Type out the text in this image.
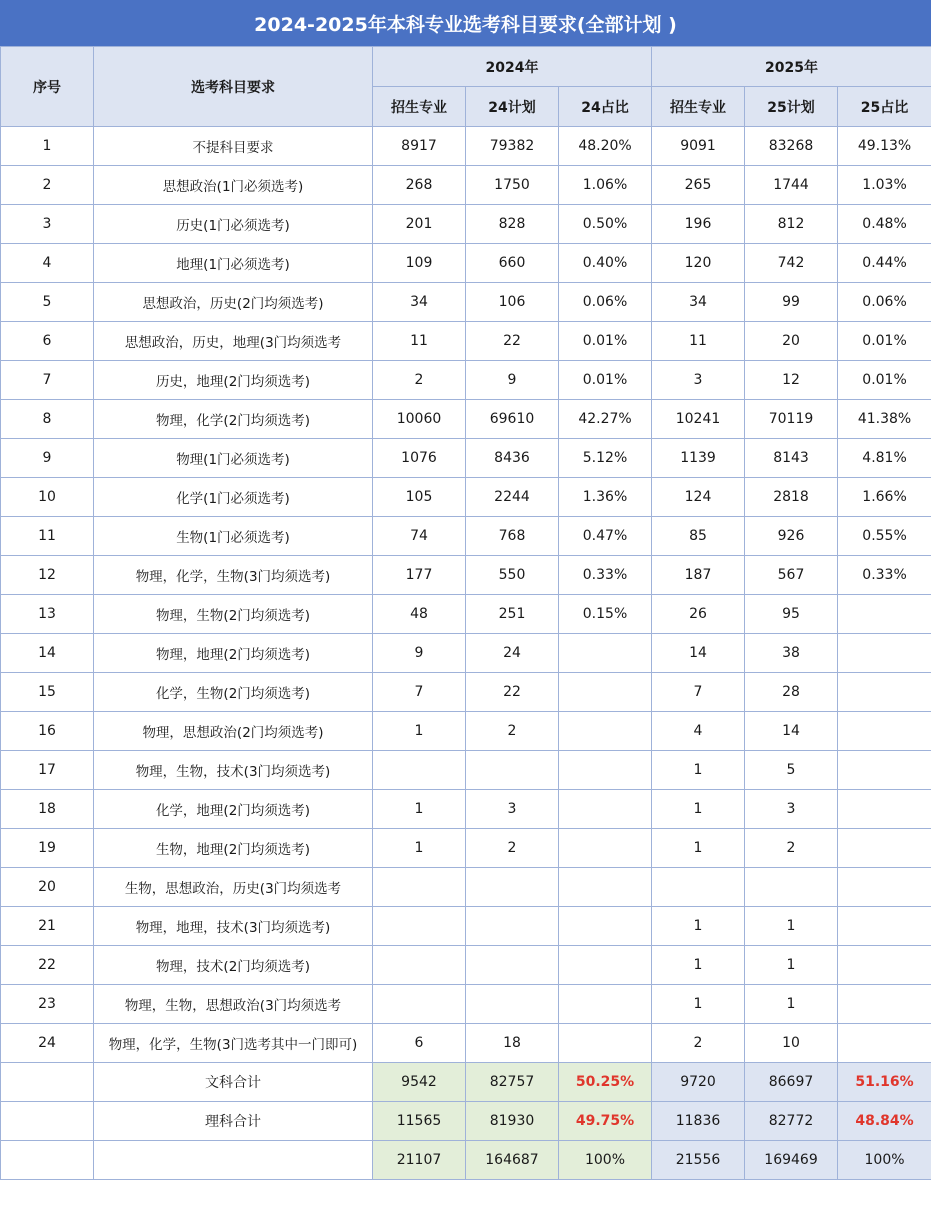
2024-2025年本科专业选考科目要求(全部计划 )
序号	选考科目要求	2024年			2025年		
		招生专业	24计划	24占比	招生专业	25计划	25占比
1	不提科目要求	8917	79382	48.20%	9091	83268	49.13%
2	思想政治(1门必须选考)	268	1750	1.06%	265	1744	1.03%
3	历史(1门必须选考)	201	828	0.50%	196	812	0.48%
4	地理(1门必须选考)	109	660	0.40%	120	742	0.44%
5	思想政治，历史(2门均须选考)	34	106	0.06%	34	99	0.06%
6	思想政治，历史，地理(3门均须选考	11	22	0.01%	11	20	0.01%
7	历史，地理(2门均须选考)	2	9	0.01%	3	12	0.01%
8	物理，化学(2门均须选考)	10060	69610	42.27%	10241	70119	41.38%
9	物理(1门必须选考)	1076	8436	5.12%	1139	8143	4.81%
10	化学(1门必须选考)	105	2244	1.36%	124	2818	1.66%
11	生物(1门必须选考)	74	768	0.47%	85	926	0.55%
12	物理，化学，生物(3门均须选考)	177	550	0.33%	187	567	0.33%
13	物理，生物(2门均须选考)	48	251	0.15%	26	95	
14	物理，地理(2门均须选考)	9	24		14	38	
15	化学，生物(2门均须选考)	7	22		7	28	
16	物理，思想政治(2门均须选考)	1	2		4	14	
17	物理，生物，技术(3门均须选考)				1	5	
18	化学，地理(2门均须选考)	1	3		1	3	
19	生物，地理(2门均须选考)	1	2		1	2	
20	生物，思想政治，历史(3门均须选考						
21	物理，地理，技术(3门均须选考)				1	1	
22	物理，技术(2门均须选考)				1	1	
23	物理，生物，思想政治(3门均须选考				1	1	
24	物理，化学，生物(3门选考其中一门即可)	6	18		2	10	
	文科合计	9542	82757	50.25%	9720	86697	51.16%
	理科合计	11565	81930	49.75%	11836	82772	48.84%
		21107	164687	100%	21556	169469	100%
